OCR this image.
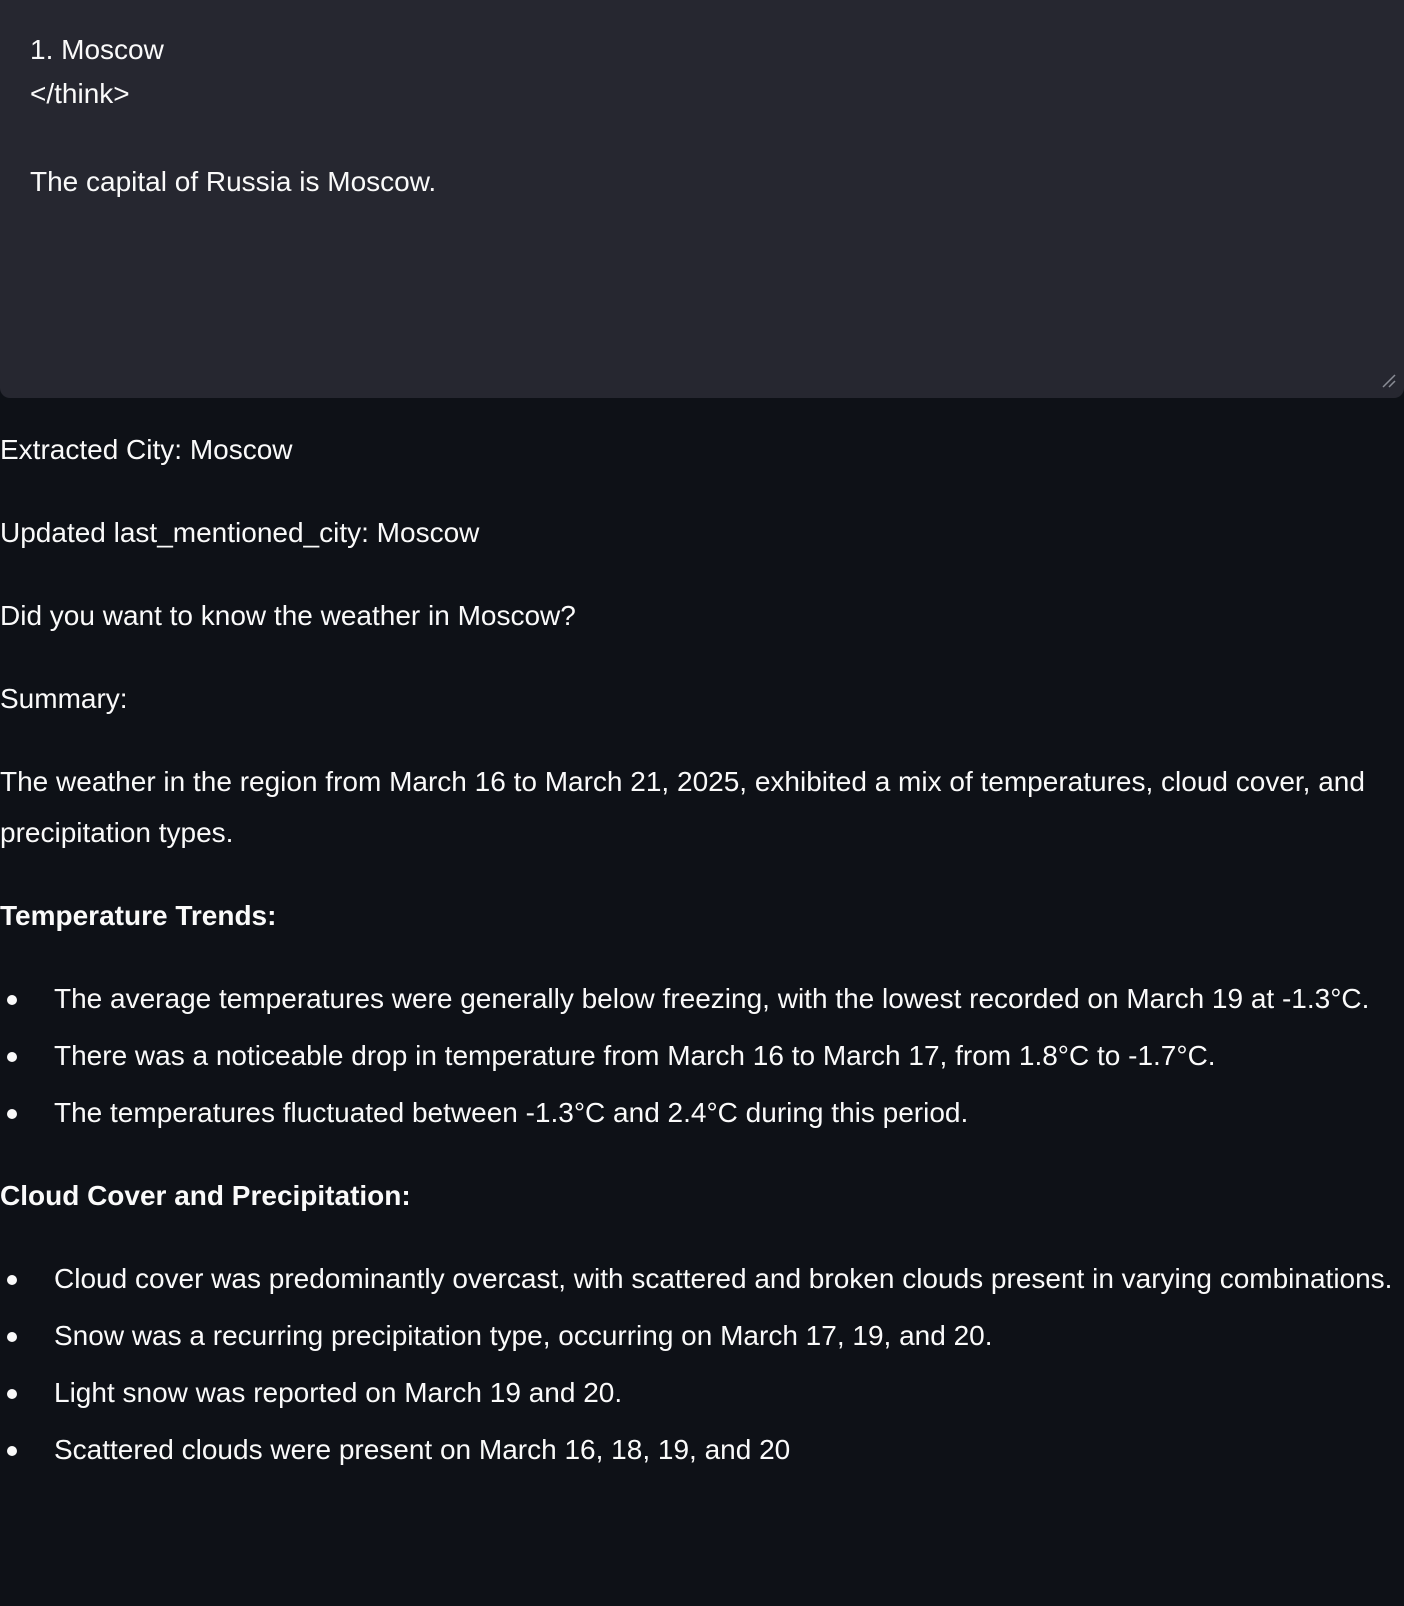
1. Moscow
</think>

The capital of Russia is Moscow.

Extracted City: Moscow

Updated last_mentioned_city: Moscow

Did you want to know the weather in Moscow?

Summary:

The weather in the region from March 16 to March 21, 2025, exhibited a mix of temperatures, cloud cover, and precipitation types.

Temperature Trends:

The average temperatures were generally below freezing, with the lowest recorded on March 19 at -1.3°C.
There was a noticeable drop in temperature from March 16 to March 17, from 1.8°C to -1.7°C.
The temperatures fluctuated between -1.3°C and 2.4°C during this period.

Cloud Cover and Precipitation:

Cloud cover was predominantly overcast, with scattered and broken clouds present in varying combinations.
Snow was a recurring precipitation type, occurring on March 17, 19, and 20.
Light snow was reported on March 19 and 20.
Scattered clouds were present on March 16, 18, 19, and 20
